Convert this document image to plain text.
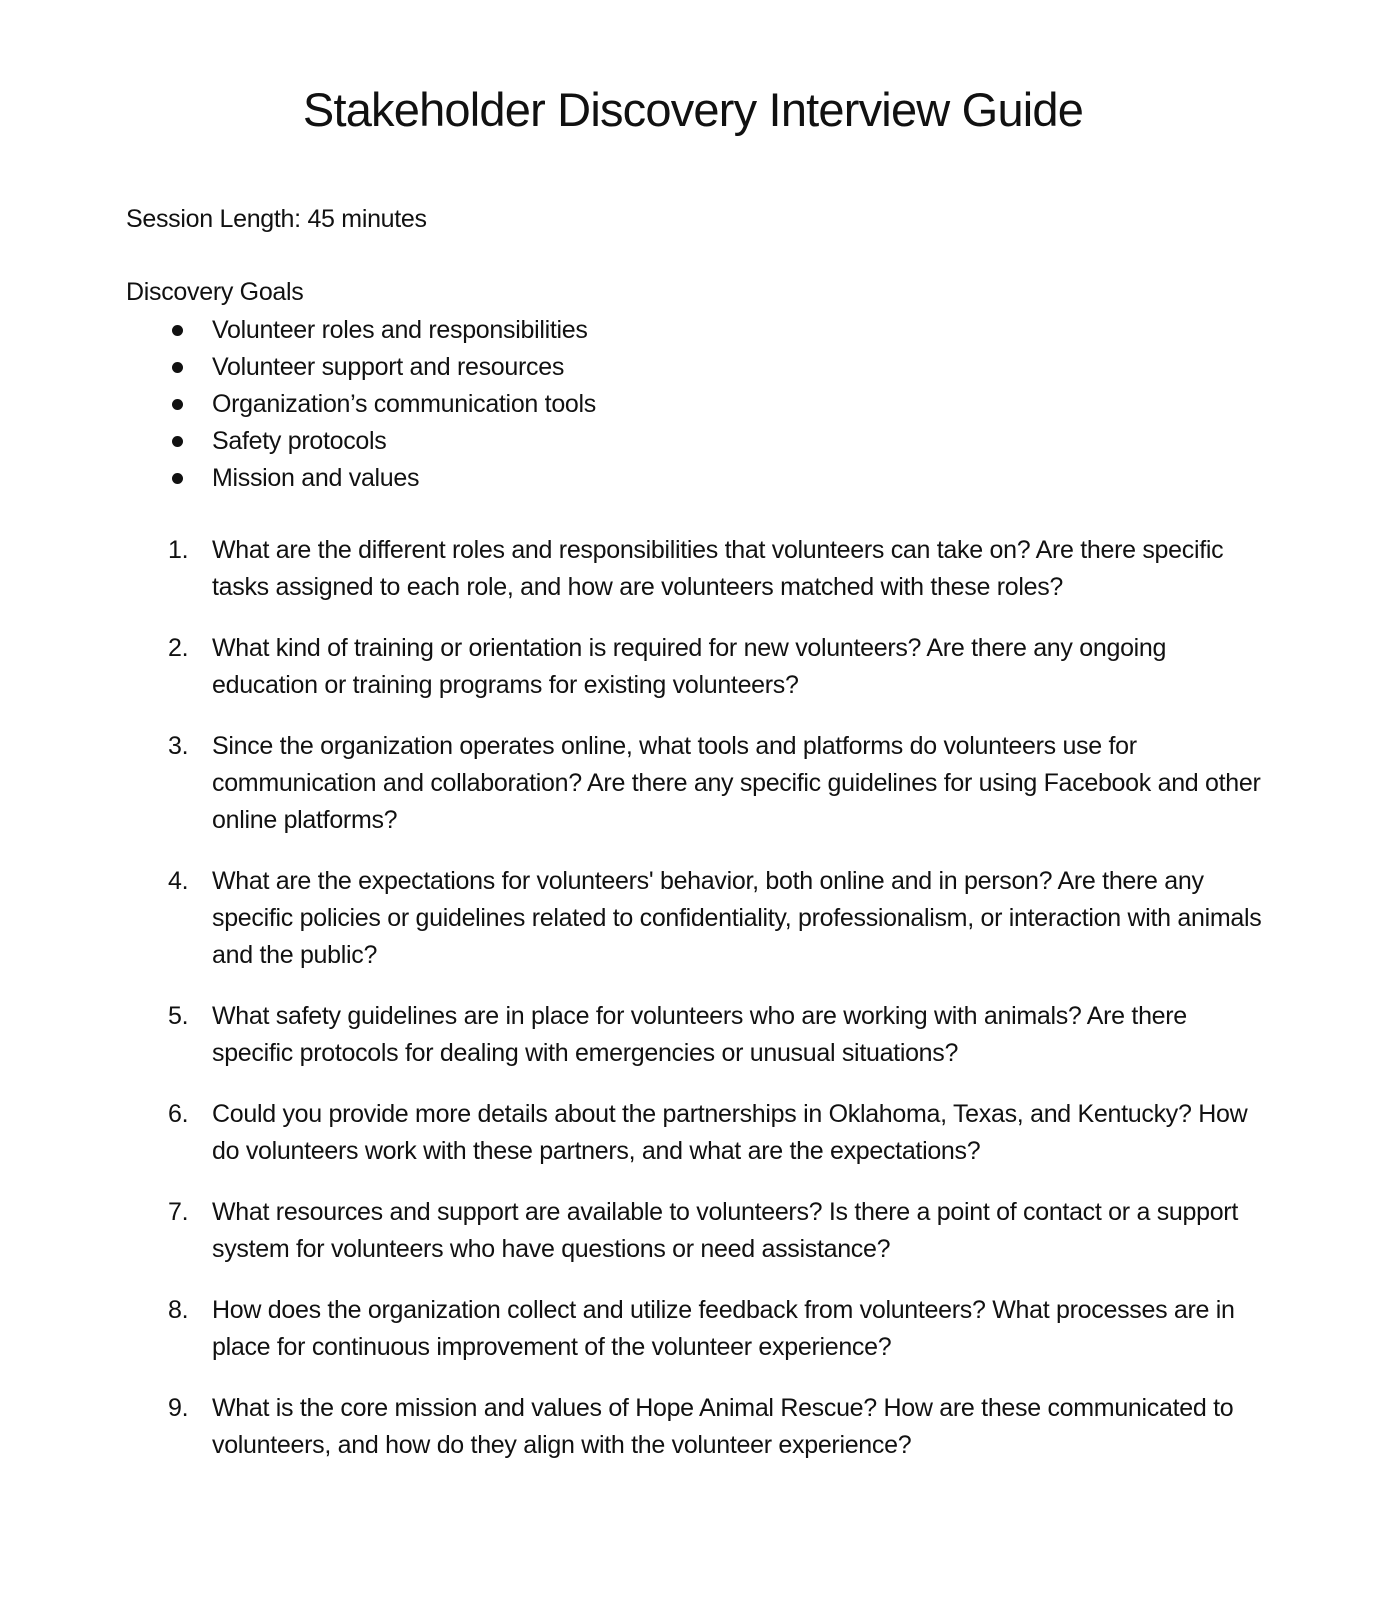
Stakeholder Discovery Interview Guide

Session Length: 45 minutes

Discovery Goals

Volunteer roles and responsibilities
Volunteer support and resources
Organization’s communication tools
Safety protocols
Mission and values
1. What are the different roles and responsibilities that volunteers can take on? Are there specific tasks assigned to each role, and how are volunteers matched with these roles?
2. What kind of training or orientation is required for new volunteers? Are there any ongoing education or training programs for existing volunteers?
3. Since the organization operates online, what tools and platforms do volunteers use for communication and collaboration? Are there any specific guidelines for using Facebook and other online platforms?
4. What are the expectations for volunteers' behavior, both online and in person? Are there any specific policies or guidelines related to confidentiality, professionalism, or interaction with animals and the public?
5. What safety guidelines are in place for volunteers who are working with animals? Are there specific protocols for dealing with emergencies or unusual situations?
6. Could you provide more details about the partnerships in Oklahoma, Texas, and Kentucky? How do volunteers work with these partners, and what are the expectations?
7. What resources and support are available to volunteers? Is there a point of contact or a support system for volunteers who have questions or need assistance?
8. How does the organization collect and utilize feedback from volunteers? What processes are in place for continuous improvement of the volunteer experience?
9. What is the core mission and values of Hope Animal Rescue? How are these communicated to volunteers, and how do they align with the volunteer experience?
